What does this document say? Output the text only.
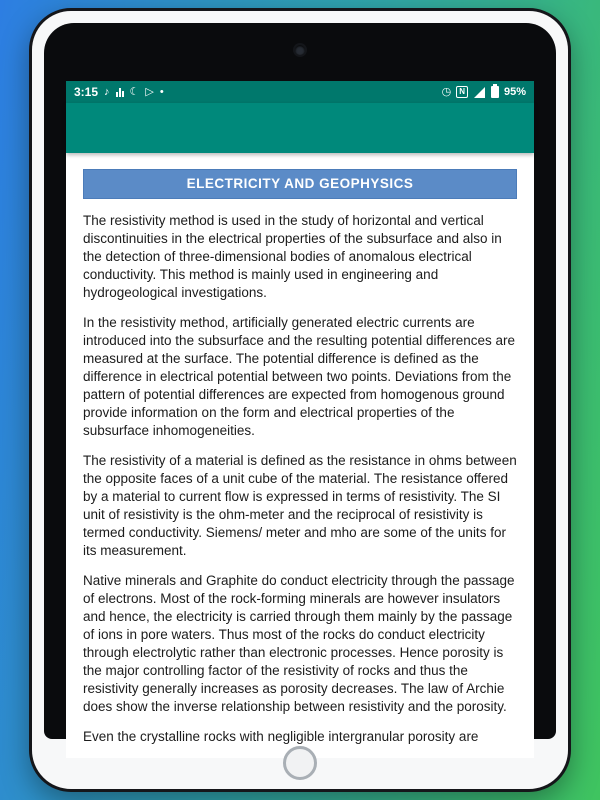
3:15 ♪ ☾ ▷ •	◷	N	95%
ELECTRICITY AND GEOPHYSICS

The resistivity method is used in the study of horizontal and vertical discontinuities in the electrical properties of the subsurface and also in the detection of three-dimensional bodies of anomalous electrical conductivity. This method is mainly used in engineering and hydrogeological investigations.

In the resistivity method, artificially generated electric currents are introduced into the subsurface and the resulting potential differences are measured at the surface. The potential difference is defined as the difference in electrical potential between two points. Deviations from the pattern of potential differences are expected from homogenous ground provide information on the form and electrical properties of the subsurface inhomogeneities.

The resistivity of a material is defined as the resistance in ohms between the opposite faces of a unit cube of the material. The resistance offered by a material to current flow is expressed in terms of resistivity. The SI unit of resistivity is the ohm-meter and the reciprocal of resistivity is termed conductivity. Siemens/ meter and mho are some of the units for its measurement.

Native minerals and Graphite do conduct electricity through the passage of electrons. Most of the rock-forming minerals are however insulators and hence, the electricity is carried through them mainly by the passage of ions in pore waters. Thus most of the rocks do conduct electricity through electrolytic rather than electronic processes. Hence porosity is the major controlling factor of the resistivity of rocks and thus the resistivity generally increases as porosity decreases. The law of Archie does show the inverse relationship between resistivity and the porosity.

Even the crystalline rocks with negligible intergranular porosity are
